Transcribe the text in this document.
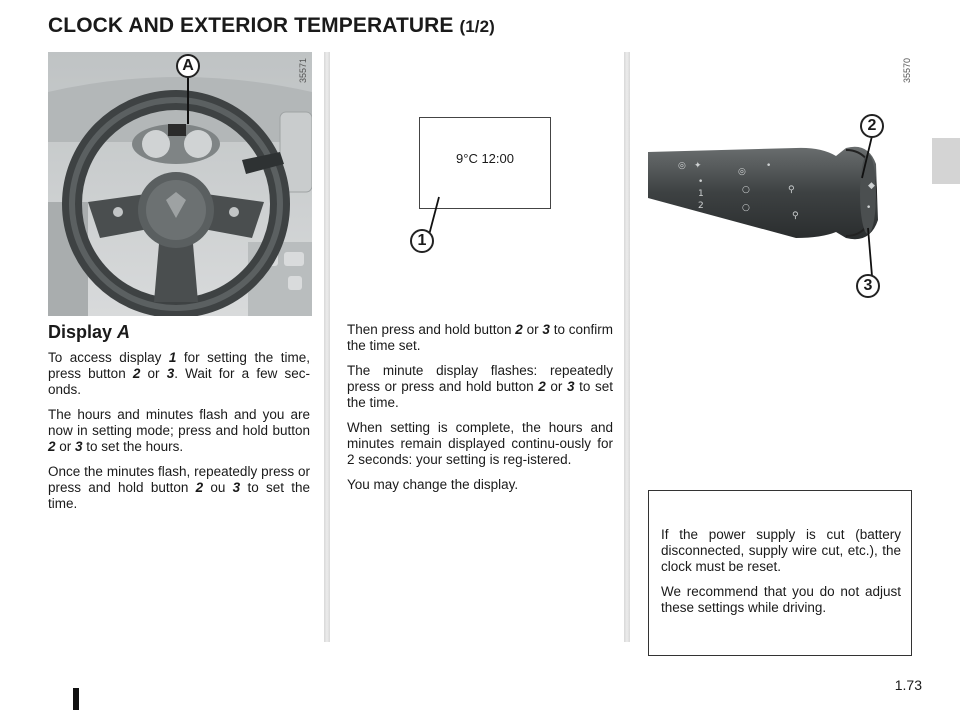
CLOCK AND EXTERIOR TEMPERATURE (1/2)
A	35571
9°C 12:00
1
◎ ✦
◎
○
○
•
1
2
⚲
⚲
•
◆
•
2
3
35570
Display A

To access display 1 for setting the time, press button 2 or 3. Wait for a few sec-onds.

The hours and minutes flash and you are now in setting mode; press and hold button 2 or 3 to set the hours.

Once the minutes flash, repeatedly press or press and hold button 2 ou 3 to set the time.

Then press and hold button 2 or 3 to confirm the time set.

The minute display flashes: repeatedly press or press and hold button 2 or 3 to set the time.

When setting is complete, the hours and minutes remain displayed continu-ously for 2 seconds: your setting is reg-istered.

You may change the display.

If the power supply is cut (battery disconnected, supply wire cut, etc.), the clock must be reset.

We recommend that you do not adjust these settings while driving.

1.73
